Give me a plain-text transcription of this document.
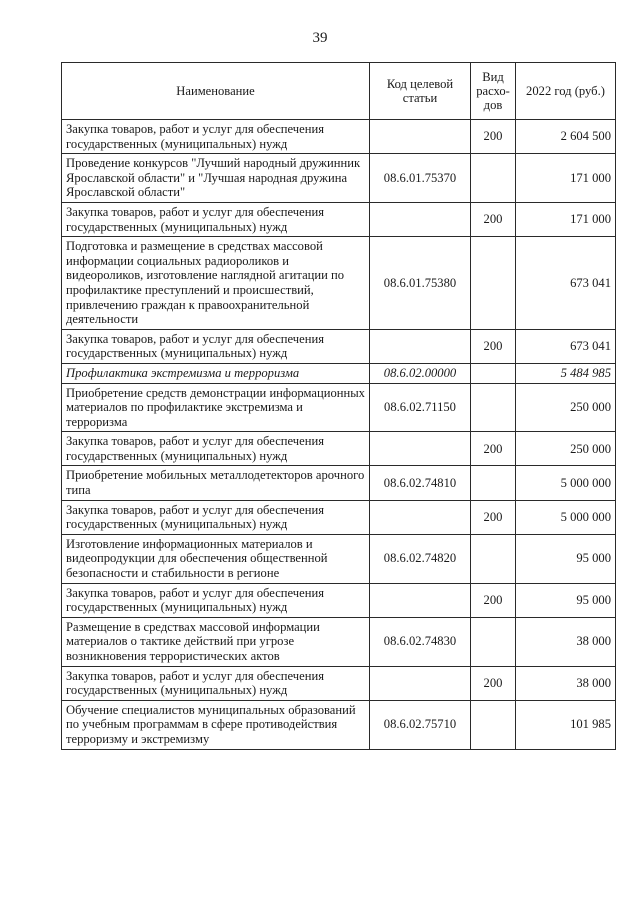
39
Наименование	Код целевой статьи	Вид расхо-дов	2022 год (руб.)
Закупка товаров, работ и услуг для обеспечения государственных (муниципальных) нужд		200	2 604 500
Проведение конкурсов "Лучший народный дружинник Ярославской области" и "Лучшая народная дружина Ярославской области"	08.6.01.75370		171 000
Закупка товаров, работ и услуг для обеспечения государственных (муниципальных) нужд		200	171 000
Подготовка и размещение в средствах массовой информации социальных радиороликов и видеороликов, изготовление наглядной агитации по профилактике преступлений и происшествий, привлечению граждан к правоохранительной деятельности	08.6.01.75380		673 041
Закупка товаров, работ и услуг для обеспечения государственных (муниципальных) нужд		200	673 041
Профилактика экстремизма и терроризма	08.6.02.00000		5 484 985
Приобретение средств демонстрации информационных материалов по профилактике экстремизма и терроризма	08.6.02.71150		250 000
Закупка товаров, работ и услуг для обеспечения государственных (муниципальных) нужд		200	250 000
Приобретение мобильных металлодетекторов арочного типа	08.6.02.74810		5 000 000
Закупка товаров, работ и услуг для обеспечения государственных (муниципальных) нужд		200	5 000 000
Изготовление информационных материалов и видеопродукции для обеспечения общественной безопасности и стабильности в регионе	08.6.02.74820		95 000
Закупка товаров, работ и услуг для обеспечения государственных (муниципальных) нужд		200	95 000
Размещение в средствах массовой информации материалов о тактике действий при угрозе возникновения террористических актов	08.6.02.74830		38 000
Закупка товаров, работ и услуг для обеспечения государственных (муниципальных) нужд		200	38 000
Обучение специалистов муниципальных образований по учебным программам в сфере противодействия терроризму и экстремизму	08.6.02.75710		101 985
